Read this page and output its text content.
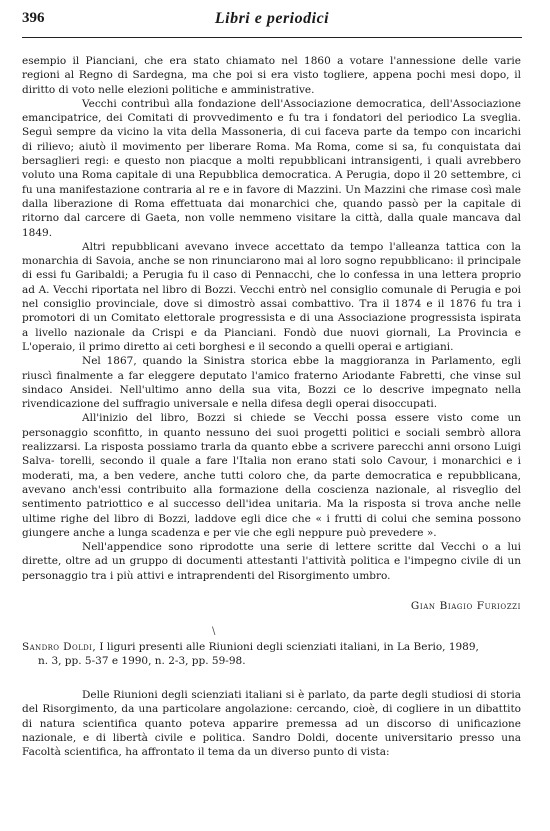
396	Libri e periodici

esempio il Pianciani, che era stato chiamato nel 1860 a votare l'annessione delle varie regioni al Regno di Sardegna, ma che poi si era visto togliere, appena pochi mesi dopo, il diritto di voto nelle elezioni politiche e amministrative.

Vecchi contribuì alla fondazione dell'Associazione democratica, dell'Associazione emancipatrice, dei Comitati di provvedimento e fu tra i fondatori del periodico La sveglia. Seguì sempre da vicino la vita della Massoneria, di cui faceva parte da tempo con incarichi di rilievo; aiutò il movimento per liberare Roma. Ma Roma, come si sa, fu conquistata dai bersaglieri regi: e questo non piacque a molti repubblicani intransigenti, i quali avrebbero voluto una Roma capitale di una Repubblica democratica. A Perugia, dopo il 20 settembre, ci fu una manifestazione contraria al re e in favore di Mazzini. Un Mazzini che rimase così male dalla liberazione di Roma effettuata dai monarchici che, quando passò per la capitale di ritorno dal carcere di Gaeta, non volle nemmeno visitare la città, dalla quale mancava dal 1849.

Altri repubblicani avevano invece accettato da tempo l'alleanza tattica con la monarchia di Savoia, anche se non rinunciarono mai al loro sogno repubblicano: il principale di essi fu Garibaldi; a Perugia fu il caso di Pennacchi, che lo confessa in una lettera proprio ad A. Vecchi riportata nel libro di Bozzi. Vecchi entrò nel consiglio comunale di Perugia e poi nel consiglio provinciale, dove si dimostrò assai combattivo. Tra il 1874 e il 1876 fu tra i promotori di un Comitato elettorale progressista e di una Associazione progressista ispirata a livello nazionale da Crispi e da Pianciani. Fondò due nuovi giornali, La Provincia e L'operaio, il primo diretto ai ceti borghesi e il secondo a quelli operai e artigiani.

Nel 1867, quando la Sinistra storica ebbe la maggioranza in Parlamento, egli riuscì finalmente a far eleggere deputato l'amico fraterno Ariodante Fabretti, che vinse sul sindaco Ansidei. Nell'ultimo anno della sua vita, Bozzi ce lo descrive impegnato nella rivendicazione del suffragio universale e nella difesa degli operai disoccupati.

All'inizio del libro, Bozzi si chiede se Vecchi possa essere visto come un personaggio sconfitto, in quanto nessuno dei suoi progetti politici e sociali sembrò allora realizzarsi. La risposta possiamo trarla da quanto ebbe a scrivere parecchi anni orsono Luigi Salva- torelli, secondo il quale a fare l'Italia non erano stati solo Cavour, i monarchici e i moderati, ma, a ben vedere, anche tutti coloro che, da parte democratica e repubblicana, avevano anch'essi contribuito alla formazione della coscienza nazionale, al risveglio del sentimento patriottico e al successo dell'idea unitaria. Ma la risposta si trova anche nelle ultime righe del libro di Bozzi, laddove egli dice che « i frutti di colui che semina possono giungere anche a lunga scadenza e per vie che egli neppure può prevedere ».

Nell'appendice sono riprodotte una serie di lettere scritte dal Vecchi o a lui dirette, oltre ad un gruppo di documenti attestanti l'attività politica e l'impegno civile di un personaggio tra i più attivi e intraprendenti del Risorgimento umbro.

Gian Biagio Furiozzi
\

Sandro Doldi, I liguri presenti alle Riunioni degli scienziati italiani, in La Berio, 1989,
n. 3, pp. 5-37 e 1990, n. 2-3, pp. 59-98.

Delle Riunioni degli scienziati italiani si è parlato, da parte degli studiosi di storia del Risorgimento, da una particolare angolazione: cercando, cioè, di cogliere in un dibattito di natura scientifica quanto poteva apparire premessa ad un discorso di unificazione nazionale, e di libertà civile e politica. Sandro Doldi, docente universitario presso una Facoltà scientifica, ha affrontato il tema da un diverso punto di vista:
